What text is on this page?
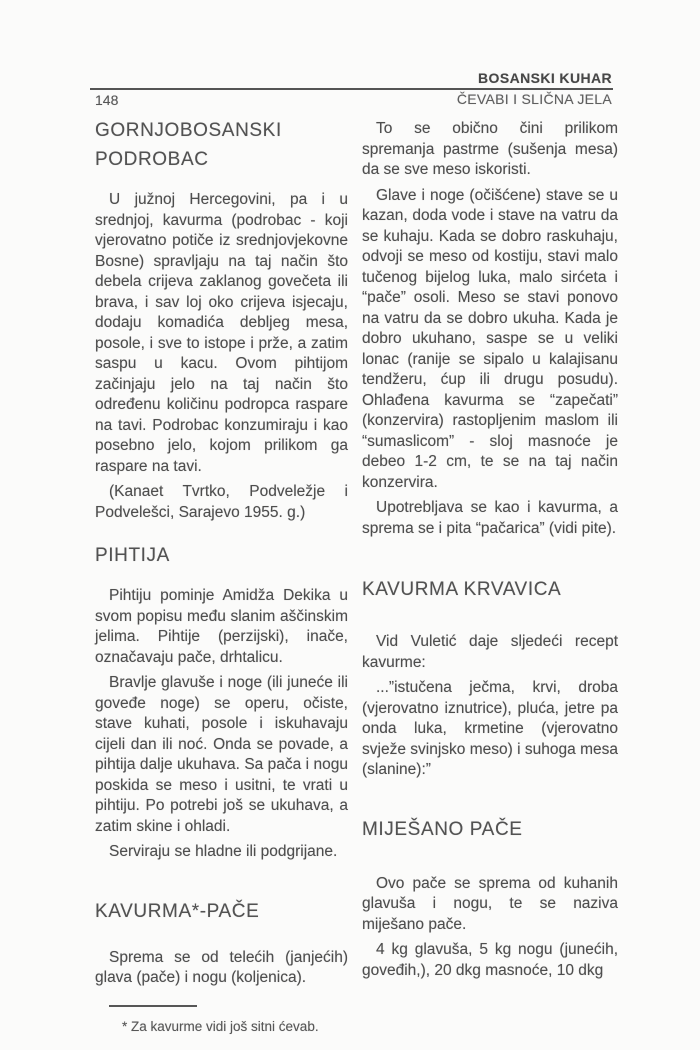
BOSANSKI KUHAR
148	ČEVABI I SLIČNA JELA
GORNJOBOSANSKI PODROBAC

U južnoj Hercegovini, pa i u srednjoj, kavurma (podrobac - koji vjerovatno potiče iz srednjovjekovne Bosne) spravljaju na taj način što debela crijeva zaklanog govečeta ili brava, i sav loj oko crijeva isjecaju, dodaju komadića debljeg mesa, posole, i sve to istope i prže, a zatim saspu u kacu. Ovom pihtijom začinjaju jelo na taj način što određenu količinu podropca raspare na tavi. Podrobac konzumiraju i kao posebno jelo, kojom prilikom ga raspare na tavi.

(Kanaet Tvrtko, Podveležje i Podvelešci, Sarajevo 1955. g.)

PIHTIJA

Pihtiju pominje Amidža Dekika u svom popisu među slanim aščinskim jelima. Pihtije (perzijski), inače, označavaju pače, drhtalicu.

Bravlje glavuše i noge (ili juneće ili goveđe noge) se operu, očiste, stave kuhati, posole i iskuhavaju cijeli dan ili noć. Onda se povade, a pihtija dalje ukuhava. Sa pača i nogu poskida se meso i usitni, te vrati u pihtiju. Po potrebi još se ukuhava, a zatim skine i ohladi.

Serviraju se hladne ili podgrijane.

KAVURMA*-PAČE

Sprema se od telećih (janjećih) glava (pače) i nogu (koljenica).

* Za kavurme vidi još sitni ćevab.

To se obično čini prilikom spremanja pastrme (sušenja mesa) da se sve meso iskoristi.

Glave i noge (očišćene) stave se u kazan, doda vode i stave na vatru da se kuhaju. Kada se dobro raskuhaju, odvoji se meso od kostiju, stavi malo tučenog bijelog luka, malo sirćeta i “pače” osoli. Meso se stavi ponovo na vatru da se dobro ukuha. Kada je dobro ukuhano, saspe se u veliki lonac (ranije se sipalo u kalajisanu tendžeru, ćup ili drugu posudu). Ohlađena kavurma se “zapečati” (konzervira) rastopljenim maslom ili “sumaslicom” - sloj masnoće je debeo 1-2 cm, te se na taj način konzervira.

Upotrebljava se kao i kavurma, a sprema se i pita “pačarica” (vidi pite).

KAVURMA KRVAVICA

Vid Vuletić daje sljedeći recept kavurme:

...”istučena ječma, krvi, droba (vjerovatno iznutrice), pluća, jetre pa onda luka, krmetine (vjerovatno svježe svinjsko meso) i suhoga mesa (slanine):”

MIJEŠANO PAČE

Ovo pače se sprema od kuhanih glavuša i nogu, te se naziva miješano pače.

4 kg glavuša, 5 kg nogu (junećih, goveđih,), 20 dkg masnoće, 10 dkg
